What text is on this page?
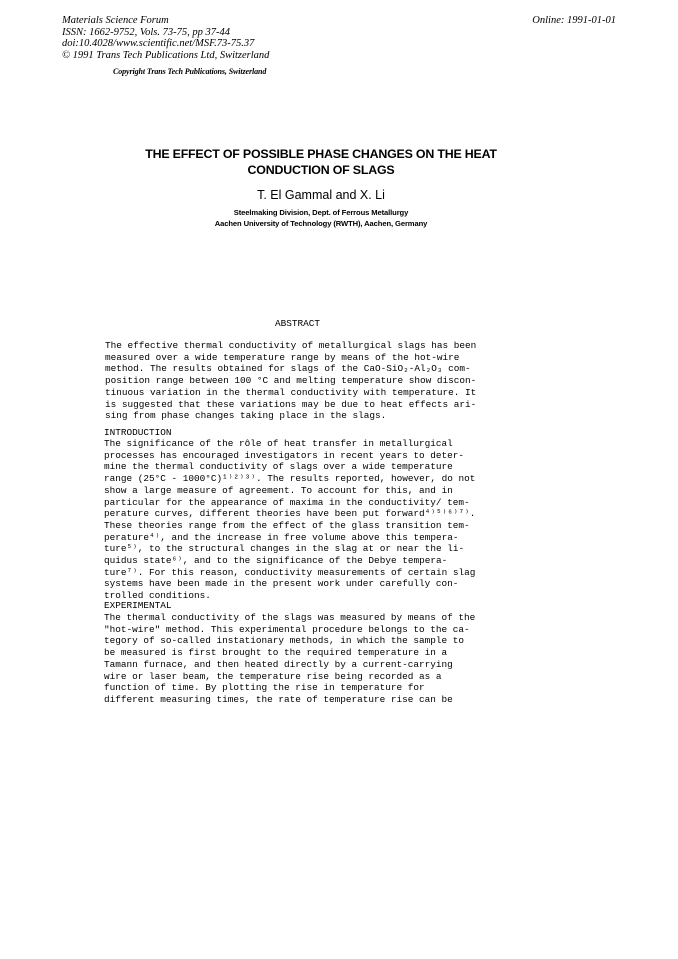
Materials Science Forum
ISSN: 1662-9752, Vols. 73-75, pp 37-44
doi:10.4028/www.scientific.net/MSF.73-75.37
© 1991 Trans Tech Publications Ltd, Switzerland
Online: 1991-01-01
Copyright Trans Tech Publications, Switzerland
THE EFFECT OF POSSIBLE PHASE CHANGES ON THE HEAT
CONDUCTION OF SLAGS
T. El Gammal and X. Li
Steelmaking Division, Dept. of Ferrous Metallurgy
Aachen University of Technology (RWTH), Aachen, Germany
ABSTRACT
The effective thermal conductivity of metallurgical slags has been
measured over a wide temperature range by means of the hot-wire
method. The results obtained for slags of the CaO-SiO₂-Al₂O₃ com-
position range between 100 °C and melting temperature show discon-
tinuous variation in the thermal conductivity with temperature. It
is suggested that these variations may be due to heat effects ari-
sing from phase changes taking place in the slags.
INTRODUCTION
The significance of the rôle of heat transfer in metallurgical
processes has encouraged investigators in recent years to deter-
mine the thermal conductivity of slags over a wide temperature
range (25°C - 1000°C)¹⁾²⁾³⁾. The results reported, however, do not
show a large measure of agreement. To account for this, and in
particular for the appearance of maxima in the conductivity/ tem-
perature curves, different theories have been put forward⁴⁾⁵⁾⁶⁾⁷⁾.
These theories range from the effect of the glass transition tem-
perature⁴⁾, and the increase in free volume above this tempera-
ture⁵⁾, to the structural changes in the slag at or near the li-
quidus state⁶⁾, and to the significance of the Debye tempera-
ture⁷⁾. For this reason, conductivity measurements of certain slag
systems have been made in the present work under carefully con-
trolled conditions.
EXPERIMENTAL
The thermal conductivity of the slags was measured by means of the
"hot-wire" method. This experimental procedure belongs to the ca-
tegory of so-called instationary methods, in which the sample to
be measured is first brought to the required temperature in a
Tamann furnace, and then heated directly by a current-carrying
wire or laser beam, the temperature rise being recorded as a
function of time. By plotting the rise in temperature for
different measuring times, the rate of temperature rise can be
